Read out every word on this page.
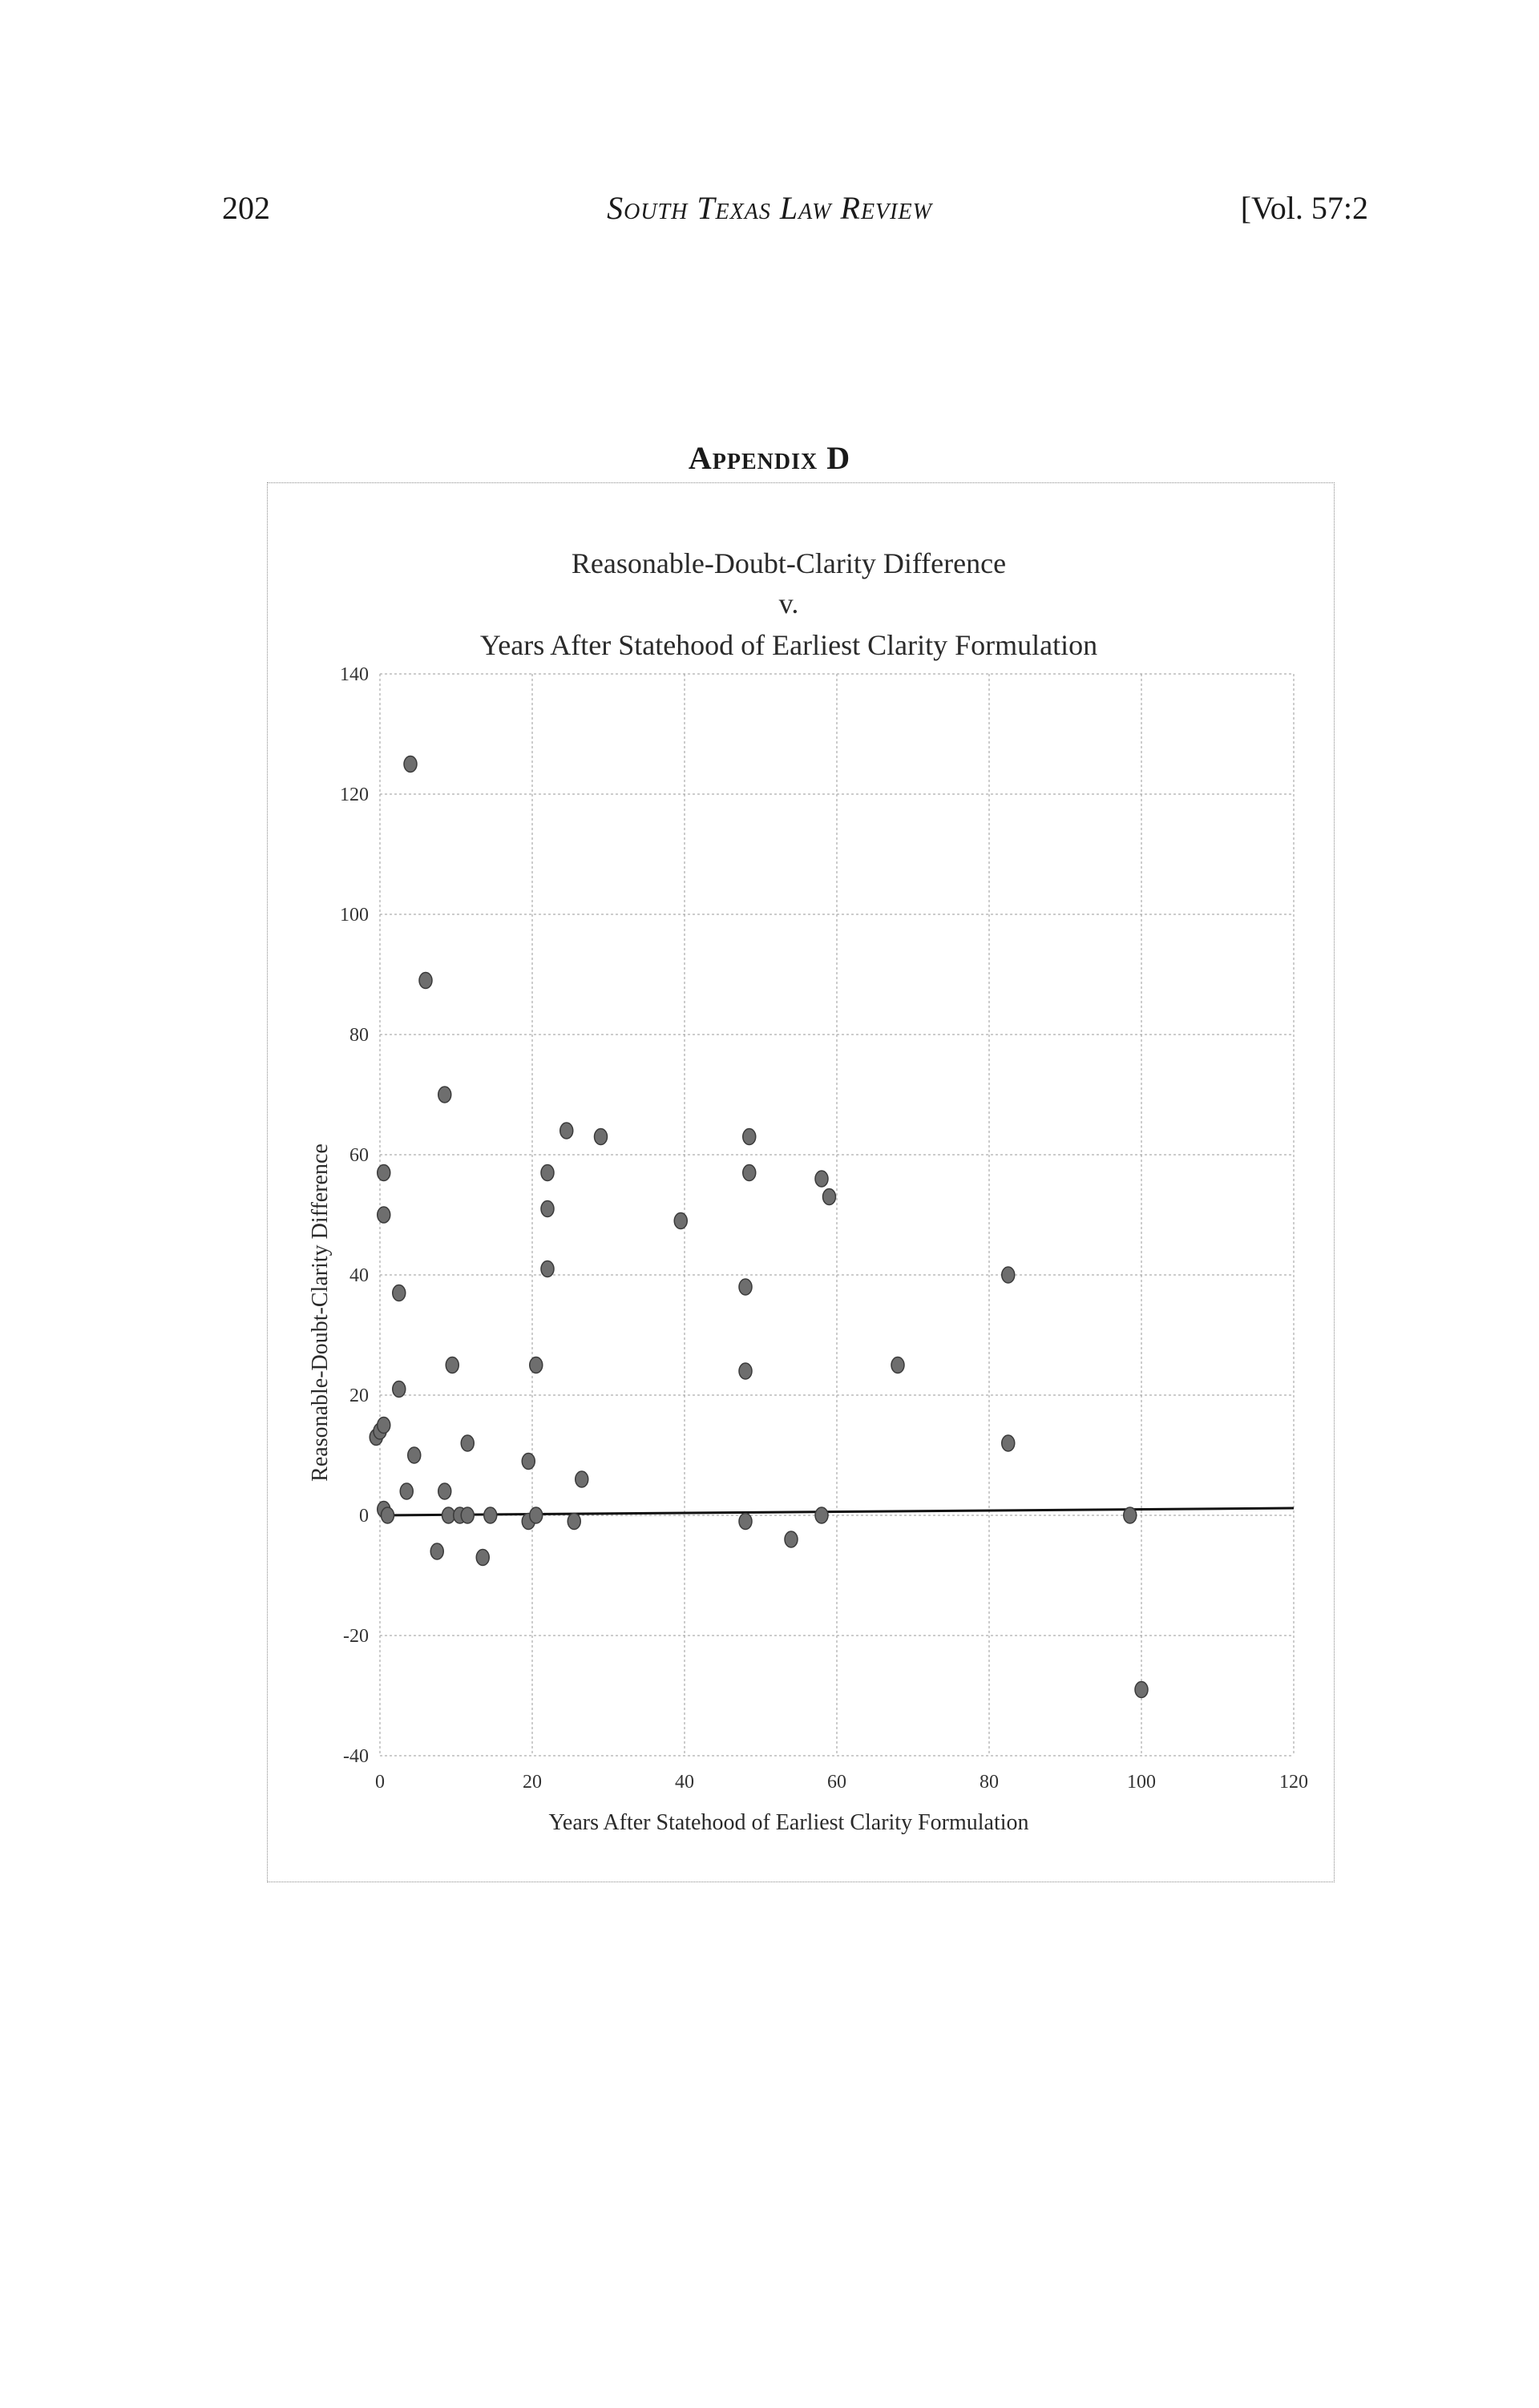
202	South Texas Law Review	[Vol. 57:2
Appendix D
Reasonable-Doubt-Clarity Difference
v.
Years After Statehood of Earliest Clarity Formulation
-40
-20
0
20
40
60
80
100
120
140
0	20	40	60	80	100	120
Years After Statehood of Earliest Clarity Formulation
Reasonable-Doubt-Clarity Difference
